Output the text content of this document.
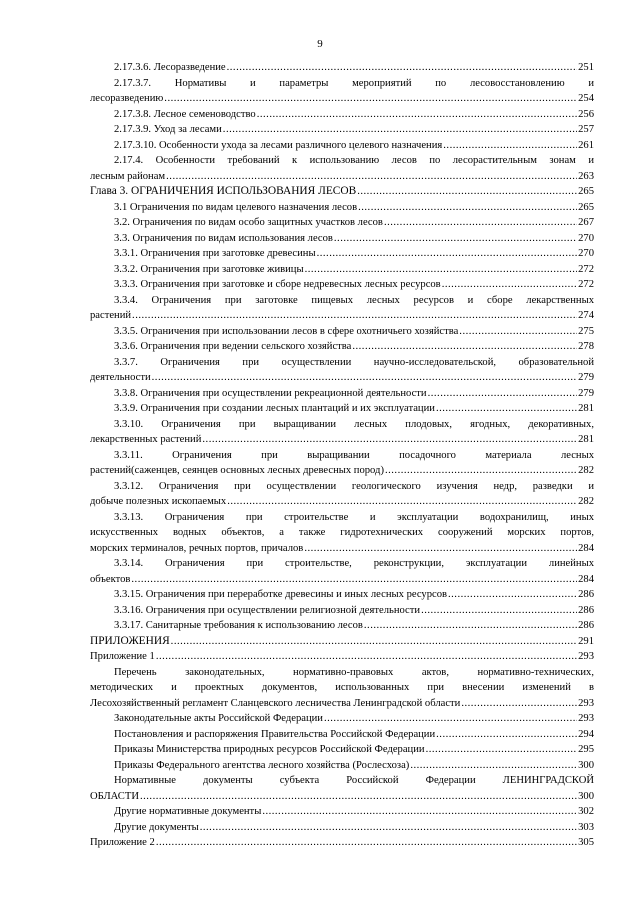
9
2.17.3.6. Лесоразведение .....	251
2.17.3.7. Нормативы и параметры мероприятий по лесовосстановлению и
лесоразведению .....	254
2.17.3.8. Лесное семеноводство .....	256
2.17.3.9. Уход за лесами .....	257
2.17.3.10. Особенности ухода за лесами различного целевого назначения .....	261
2.17.4. Особенности требований к использованию лесов по лесорастительным зонам и
лесным районам .....	263
Глава 3. ОГРАНИЧЕНИЯ ИСПОЛЬЗОВАНИЯ ЛЕСОВ .....	265
3.1 Ограничения по видам целевого назначения лесов .....	265
3.2. Ограничения по видам особо защитных участков лесов .....	267
3.3. Ограничения по видам использования лесов .....	270
3.3.1. Ограничения при заготовке древесины .....	270
3.3.2. Ограничения при заготовке живицы .....	272
3.3.3. Ограничения при заготовке и сборе недревесных лесных ресурсов .....	272
3.3.4. Ограничения при заготовке пищевых лесных ресурсов и сборе лекарственных
растений .....	274
3.3.5. Ограничения при использовании лесов в сфере охотничьего хозяйства .....	275
3.3.6. Ограничения при ведении сельского хозяйства .....	278
3.3.7. Ограничения при осуществлении научно-исследовательской, образовательной
деятельности .....	279
3.3.8. Ограничения при осуществлении рекреационной деятельности .....	279
3.3.9. Ограничения при создании лесных плантаций и их эксплуатации .....	281
3.3.10. Ограничения при выращивании лесных плодовых, ягодных, декоративных,
лекарственных растений .....	281
3.3.11. Ограничения при выращивании посадочного материала лесных
растений(саженцев, сеянцев основных лесных древесных пород) .....	282
3.3.12. Ограничения при осуществлении геологического изучения недр, разведки и
добыче полезных ископаемых .....	282
3.3.13. Ограничения при строительстве и эксплуатации водохранилищ, иных
искусственных водных объектов, а также гидротехнических сооружений морских портов,
морских терминалов, речных портов, причалов .....	284
3.3.14. Ограничения при строительстве, реконструкции, эксплуатации линейных
объектов .....	284
3.3.15. Ограничения при переработке древесины и иных лесных ресурсов .....	286
3.3.16. Ограничения при осуществлении религиозной деятельности .....	286
3.3.17. Санитарные требования к использованию лесов .....	286
ПРИЛОЖЕНИЯ .....	291
Приложение 1 .....	293
Перечень законодательных, нормативно-правовых актов, нормативно-технических,
методических и проектных документов, использованных при внесении изменений в
Лесохозяйственный регламент Сланцевского лесничества Ленинградской области .....	293
Законодательные акты Российской Федерации .....	293
Постановления и распоряжения Правительства Российской Федерации .....	294
Приказы Министерства природных ресурсов Российской Федерации .....	295
Приказы Федерального агентства лесного хозяйства (Рослесхоза) .....	300
Нормативные документы субъекта Российской Федерации ЛЕНИНГРАДСКОЙ
ОБЛАСТИ .....	300
Другие нормативные документы .....	302
Другие документы .....	303
Приложение 2 .....	305
